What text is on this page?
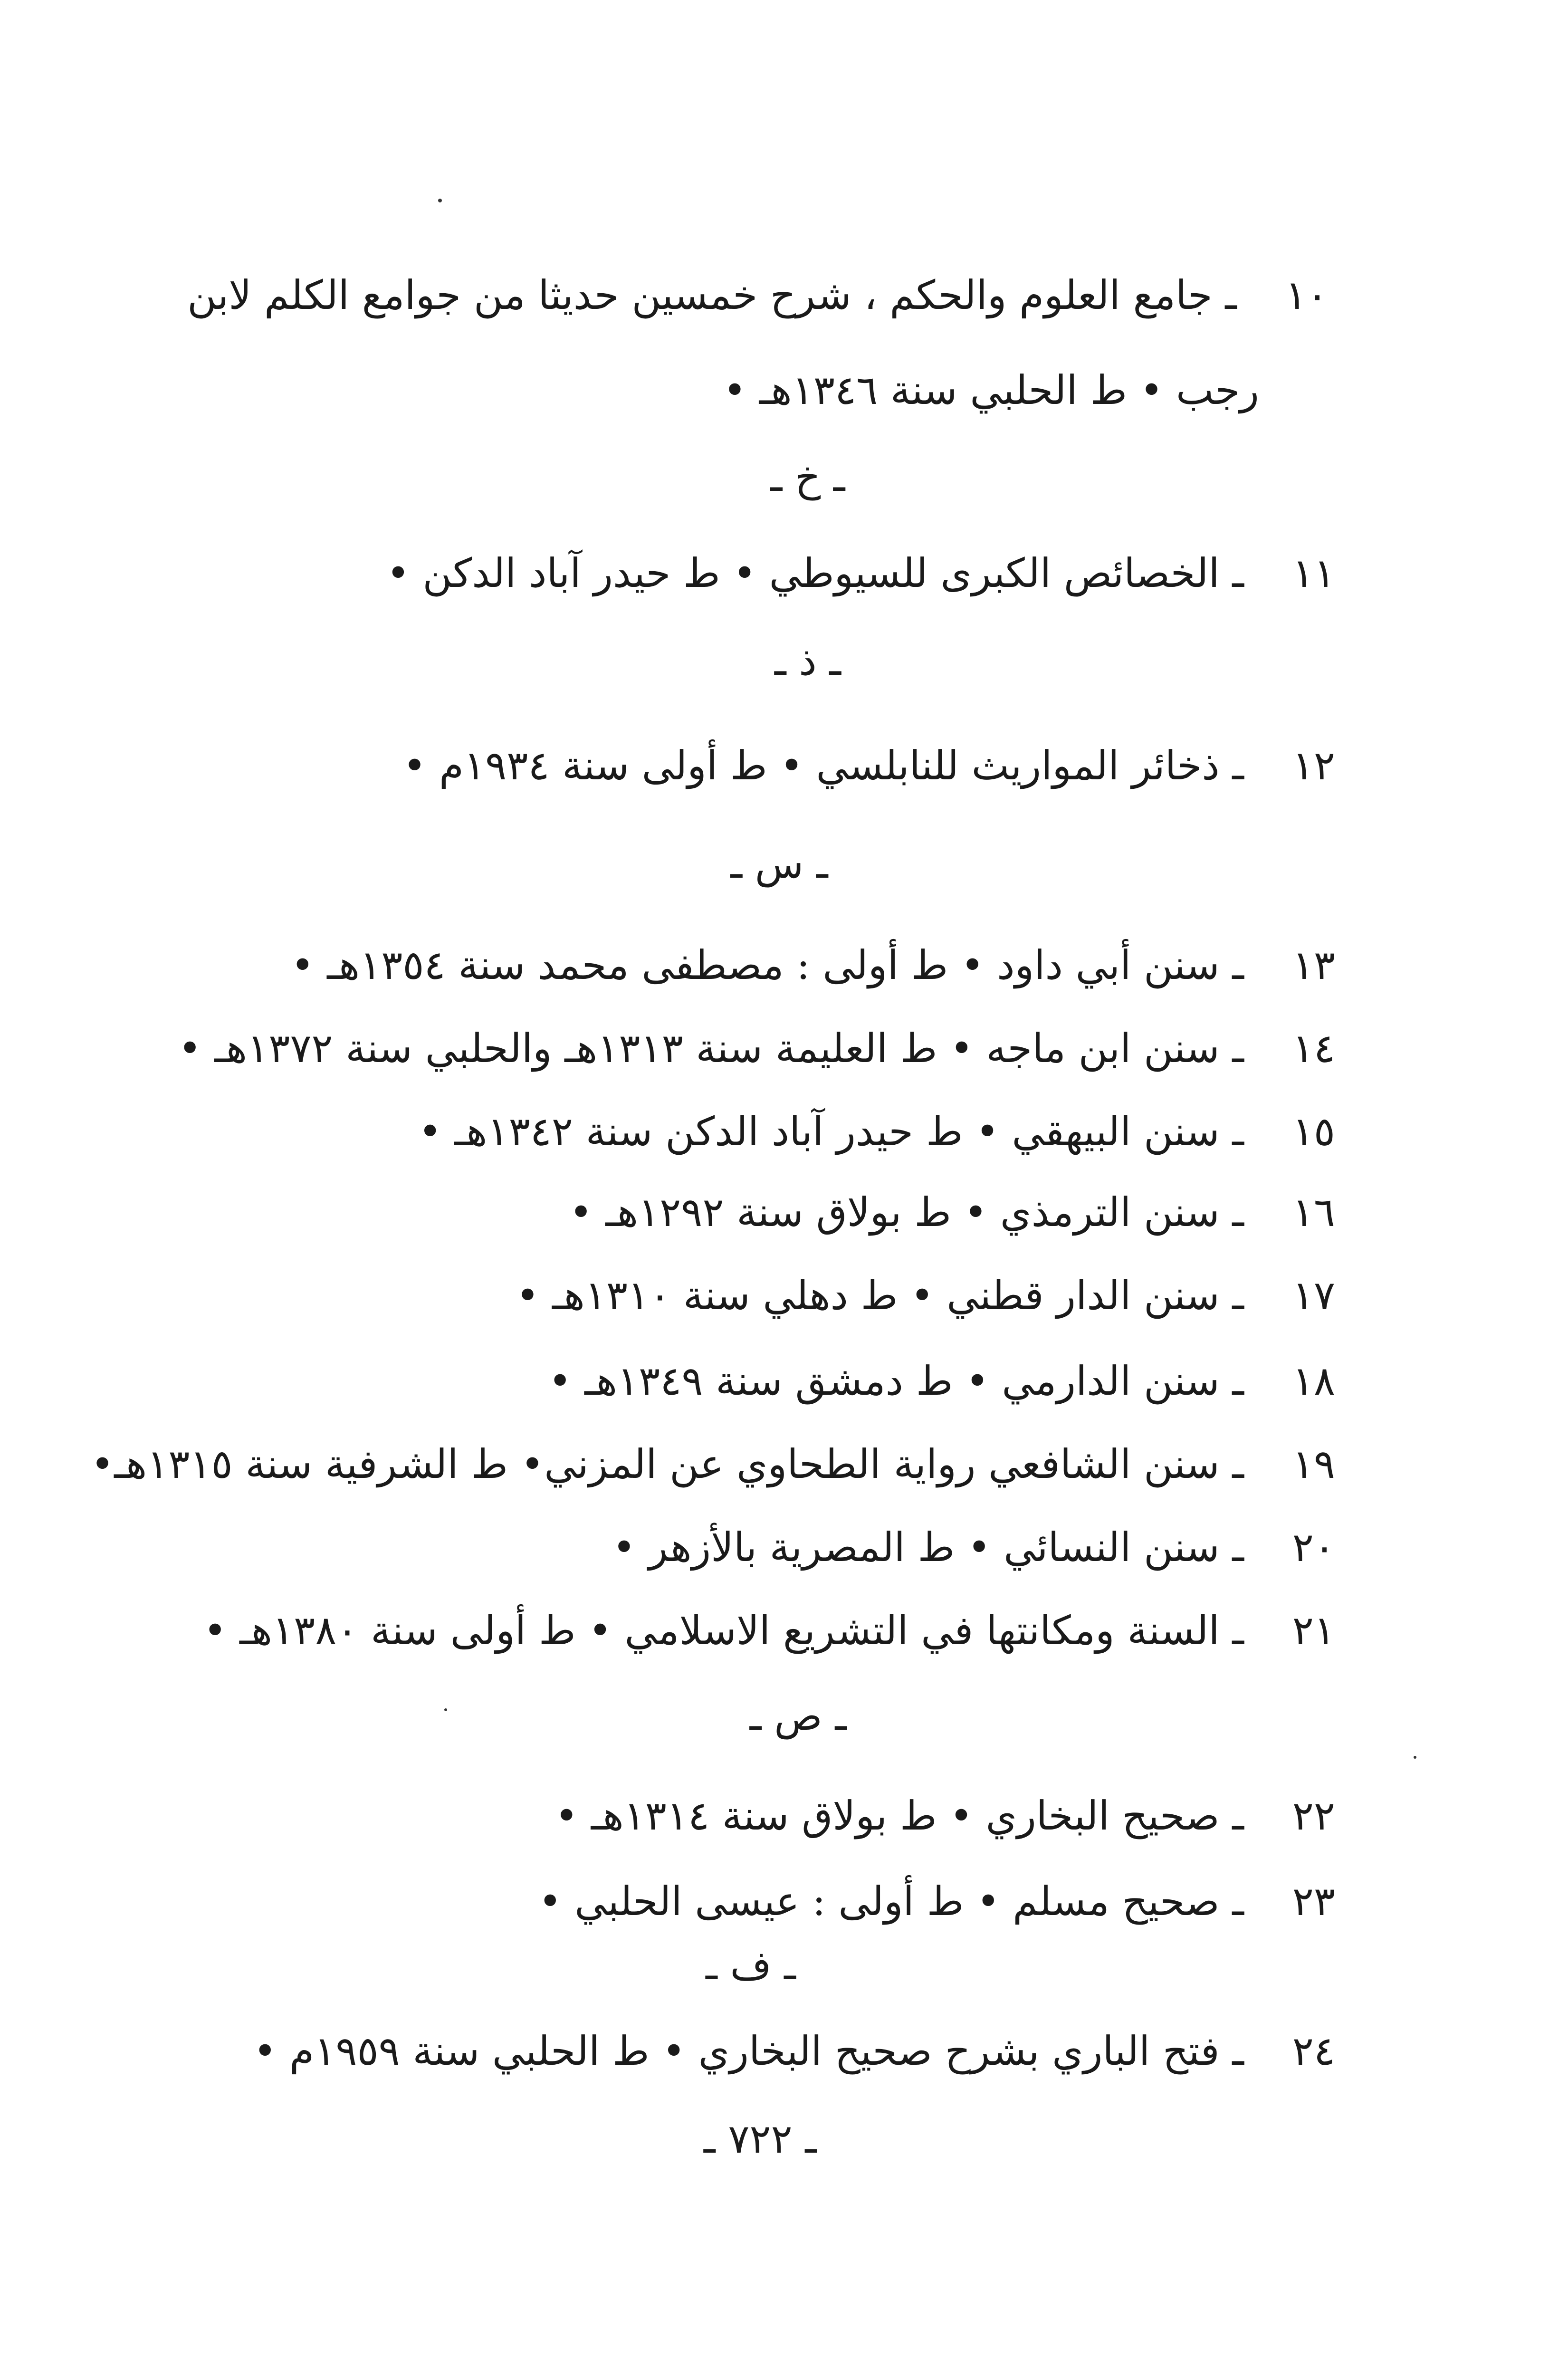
١٠ـ جامع العلوم والحكم ، شرح خمسين حديثا من جوامع الكلم لابن
رجب • ط الحلبي سنة ١٣٤٦هـ •
ـ خ ـ
١١ـ الخصائص الكبرى للسيوطي • ط حيدر آباد الدكن •
ـ ذ ـ
١٢ـ ذخائر المواريث للنابلسي • ط أولى سنة ١٩٣٤م •
ـ س ـ
١٣ـ سنن أبي داود • ط أولى : مصطفى محمد سنة ١٣٥٤هـ •
١٤ـ سنن ابن ماجه • ط العليمة سنة ١٣١٣هـ والحلبي سنة ١٣٧٢هـ •
١٥ـ سنن البيهقي • ط حيدر آباد الدكن سنة ١٣٤٢هـ •
١٦ـ سنن الترمذي • ط بولاق سنة ١٢٩٢هـ •
١٧ـ سنن الدار قطني • ط دهلي سنة ١٣١٠هـ •
١٨ـ سنن الدارمي • ط دمشق سنة ١٣٤٩هـ •
١٩ـ سنن الشافعي رواية الطحاوي عن المزني• ط الشرفية سنة ١٣١٥هـ•
٢٠ـ سنن النسائي • ط المصرية بالأزهر •
٢١ـ السنة ومكانتها في التشريع الاسلامي • ط أولى سنة ١٣٨٠هـ •
ـ ص ـ
٢٢ـ صحيح البخاري • ط بولاق سنة ١٣١٤هـ •
٢٣ـ صحيح مسلم • ط أولى : عيسى الحلبي •
ـ ف ـ
٢٤ـ فتح الباري بشرح صحيح البخاري • ط الحلبي سنة ١٩٥٩م •
ـ ٧٢٢ ـ
